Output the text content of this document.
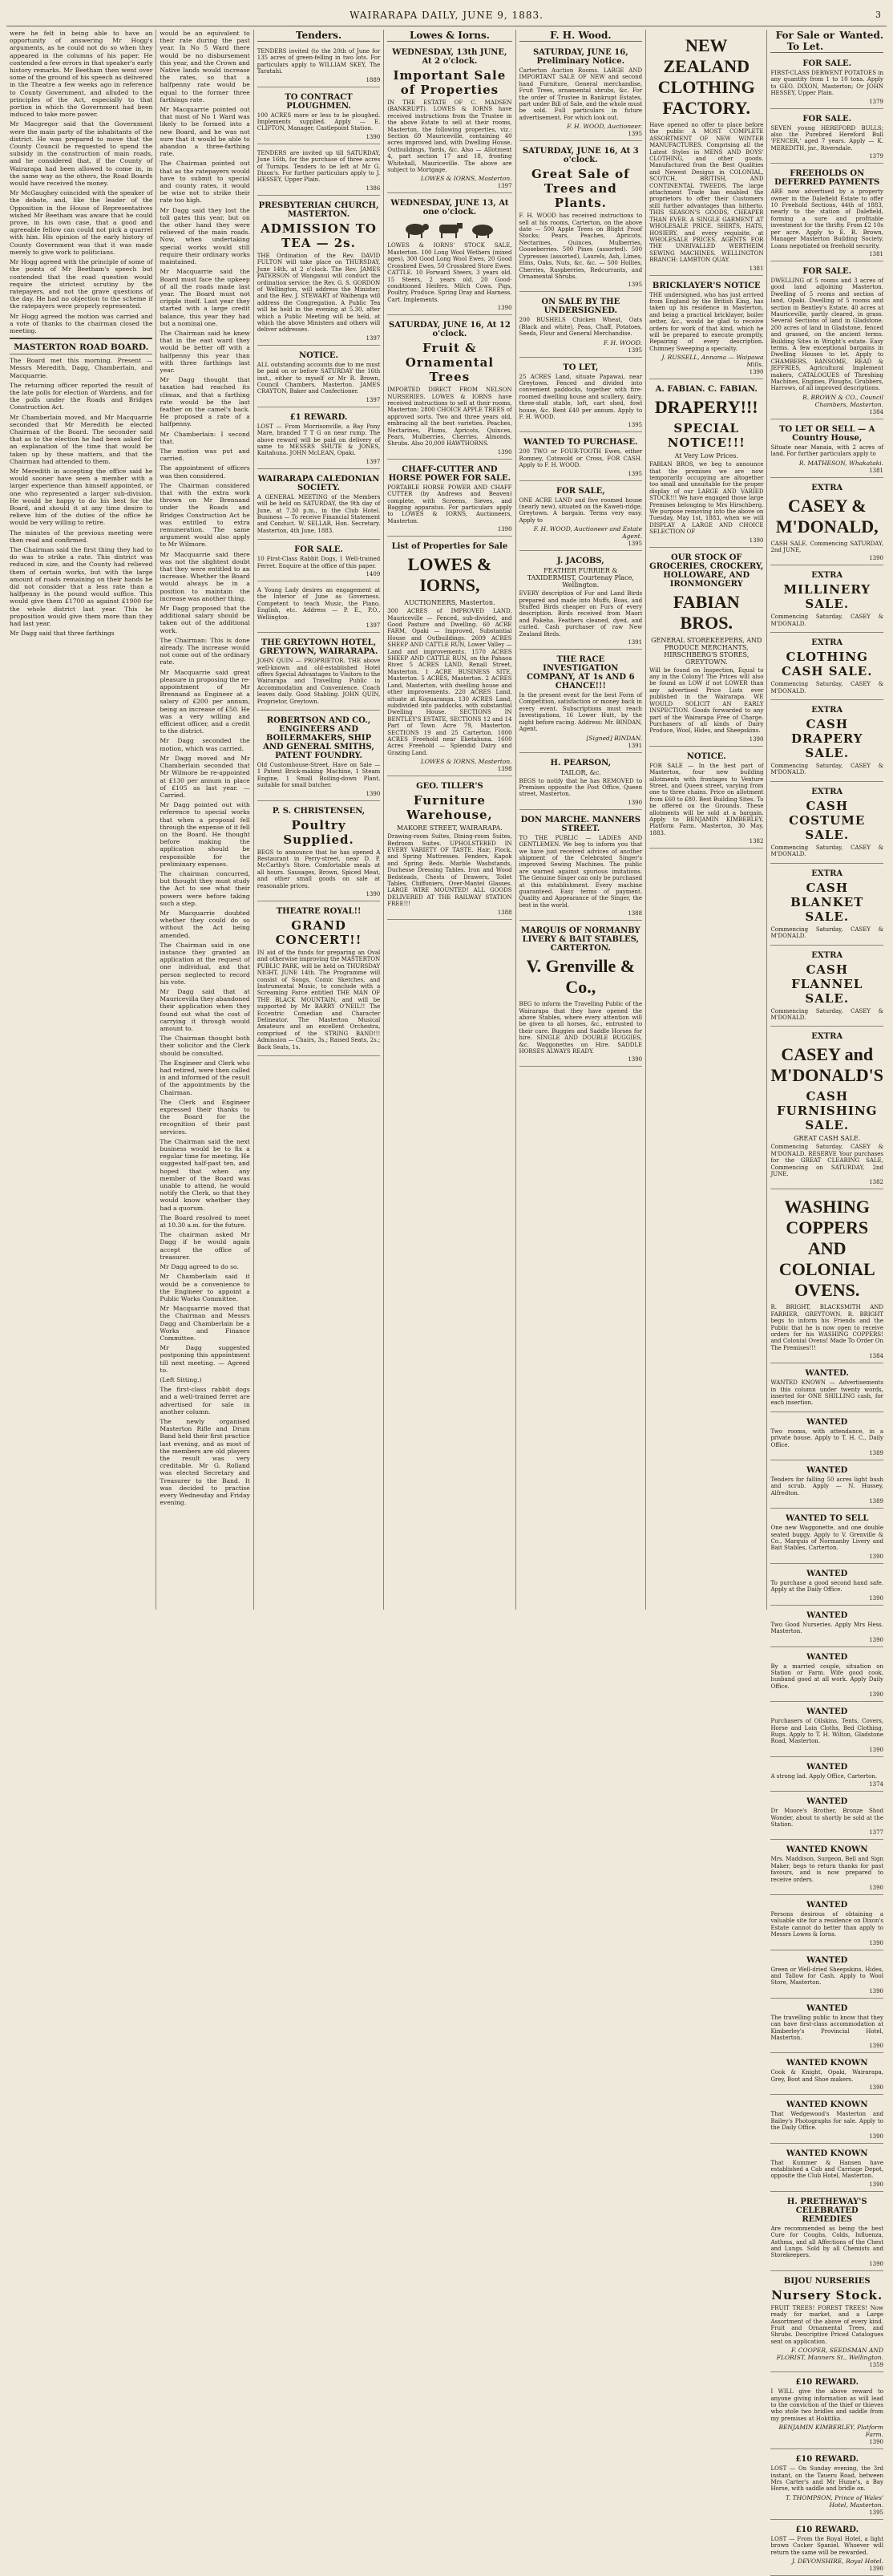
WAIRARAPA DAILY, JUNE 9, 1883.	3

were he felt in being able to have an opportunity of answering Mr Hogg's arguments, as he could not do so when they appeared in the columns of his paper. He contended a few errors in that speaker's early history remarks. Mr Beetham then went over some of the ground of his speech as delivered in the Theatre a few weeks ago in reference to County Government, and alluded to the principles of the Act, especially to that portion in which the Government had been induced to take more power.

Mr Macgregor said that the Government were the main party of the inhabitants of the district. He was prepared to move that the County Council be requested to spend the subsidy in the construction of main roads, and he considered that, if the County of Wairarapa had been allowed to come in, in the same way as the others, the Road Boards would have received the money.

Mr McGaughey coincided with the speaker of the debate, and, like the leader of the Opposition in the House of Representatives wished Mr Beetham was aware that he could prove, in his own case, that a good and agreeable fellow can could not pick a quarrel with him. His opinion of the early history of County Government was that it was made merely to give work to politicians.

Mr Hogg agreed with the principle of some of the points of Mr Beetham's speech but contended that the road question would require the strictest scrutiny by the ratepayers, and not the grave questions of the day. He had no objection to the scheme if the ratepayers were properly represented.

Mr Hogg agreed the motion was carried and a vote of thanks to the chairman closed the meeting.

MASTERTON ROAD BOARD.

The Board met this morning. Present — Messrs Meredith, Dagg, Chamberlain, and Macquarrie.

The returning officer reported the result of the late polls for election of Wardens, and for the polls under the Roads and Bridges Construction Act.

Mr Chamberlain moved, and Mr Macquarrie seconded that Mr Meredith be elected Chairman of the Board. The seconder said that as to the election he had been asked for an explanation of the time that would be taken up by these matters, and that the Chairman had attended to them.

Mr Meredith in accepting the office said he would sooner have seen a member with a larger experience than himself appointed, or one who represented a larger sub-division. He would be happy to do his best for the Board, and should it at any time desire to relieve him of the duties of the office he would be very willing to retire.

The minutes of the previous meeting were then read and confirmed.

The Chairman said the first thing they had to do was to strike a rate. This district was reduced in size, and the County had relieved them of certain works, but with the large amount of roads remaining on their hands he did not consider that a less rate than a halfpenny in the pound would suffice. This would give them £1700 as against £1900 for the whole district last year. This he proposition would give them more than they had last year.

Mr Dagg said that three farthings

would be an equivalent to their rate during the past year. In No 5 Ward there would be no disbursement this year, and the Crown and Native lands would increase the rates, so that a halfpenny rate would be equal to the former three farthings rate.

Mr Macquarrie pointed out that most of No 1 Ward was likely to be formed into a new Board, and he was not sure that it would be able to abandon a three-farthing rate.

The Chairman pointed out that as the ratepayers would have to submit to special and county rates, it would be wise not to strike their rate too high.

Mr Dagg said they lost the toll gates this year, but on the other hand they were relieved of the main roads. Now, when undertaking special works would still require their ordinary works maintained.

Mr Macquarrie said the Board must face the upkeep of all the roads made last year. The Board must not cripple itself. Last year they started with a large credit balance, this year they had but a nominal one.

The Chairman said he knew that in the east ward they would be better off with a halfpenny this year than with three farthings last year.

Mr Dagg thought that taxation had reached its climax, and that a farthing rate would be the last feather on the camel's back. He proposed a rate of a halfpenny.

Mr Chamberlain: I second that.

The motion was put and carried.

The appointment of officers was then considered.

The Chairman considered that with the extra work thrown on Mr Brennand under the Roads and Bridges Construction Act he was entitled to extra remuneration. The same argument would also apply to Mr Wilmore.

Mr Macquarrie said there was not the slightest doubt that they were entitled to an increase. Whether the Board would always be in a position to maintain the increase was another thing.

Mr Dagg proposed that the additional salary should be taken out of the additional work.

The Chairman: This is done already. The increase would not come out of the ordinary rate.

Mr Macquarrie said great pleasure in proposing the re-appointment of Mr Brennand as Engineer at a salary of £200 per annum, being an increase of £50. He was a very willing and efficient officer, and a credit to the district.

Mr Dagg seconded the motion, which was carried.

Mr Dagg moved and Mr Chamberlain seconded that Mr Wilmore be re-appointed at £130 per annum in place of £105 as last year. — Carried.

Mr Dagg pointed out with reference to special works that when a proposal fell through the expense of it fell on the Board. He thought before making the application should be responsible for the preliminary expenses.

The chairman concurred, but thought they must study the Act to see what their powers were before taking such a step.

Mr Macquarrie doubted whether they could do so without the Act being amended.

The Chairman said in one instance they granted an application at the request of one individual, and that person neglected to record his vote.

Mr Dagg said that at Mauricevilla they abandoned their application when they found out what the cost of carrying it through would amount to.

The Chairman thought both their solicitor and the Clerk should be consulted.

The Engineer and Clerk who had retired, were then called in and informed of the result of the appointments by the Chairman.

The Clerk and Engineer expressed their thanks to the Board for the recognition of their past services.

The Chairman said the next business would be to fix a regular time for meeting. He suggested half-past ten, and hoped that when any member of the Board was unable to attend, he would notify the Clerk, so that they would know whether they had a quorum.

The Board resolved to meet at 10.30 a.m. for the future.

The chairman asked Mr Dagg if he would again accept the office of treasurer.

Mr Dagg agreed to do so.

Mr Chamberlain said it would be a convenience to the Engineer to appoint a Public Works Committee.

Mr Macquarrie moved that the Chairman and Messrs Dagg and Chamberlain be a Works and Finance Committee.

Mr Dagg suggested postponing this appointment till next meeting. — Agreed to.

(Left Sitting.)

The first-class rabbit dogs and a well-trained ferret are advertised for sale in another column.

The newly organised Masterton Rifle and Drum Band held their first practice last evening, and as most of the members are old players the result was very creditable. Mr G. Rolland was elected Secretary and Treasurer to the Band. It was decided to practise every Wednesday and Friday evening.

Tenders.
TENDERS invited (to the 20th of June for 135 acres of green-felling in two lots. For particulars apply to WILLIAM SKEY, The Taratahi.
1889
TO CONTRACT PLOUGHMEN.
100 ACRES more or less to be ploughed. Implements supplied. Apply — E. CLIFTON, Manager, Castlepoint Station.
1390
TENDERS are invited up till SATURDAY, June 16th, for the purchase of three acres of Turnips. Tenders to be left at Mr G. Dixon's. For further particulars apply to J. HESSEY, Upper Plain.
1386
PRESBYTERIAN CHURCH, MASTERTON.
ADMISSION TO TEA — 2s.
THE Ordination of the Rev. DAVID FULTON will take place on THURSDAY, June 14th, at 2 o'clock. The Rev. JAMES PATERSON of Wanganui will conduct the ordination service; the Rev. G. S. GORDON of Wellington, will address the Minister; and the Rev. J. STEWART of Waihenga will address the Congregation. A Public Tea will be held in the evening at 5.30, after which a Public Meeting will be held, at which the above Ministers and others will deliver addresses.
1397
NOTICE.
ALL outstanding accounts due to me must be paid on or before SATURDAY the 16th inst., either to myself or Mr R. Brown, Council Chambers, Masterton. JAMES CRAYTON, Baker and Confectioner.
1397
£1 REWARD.
LOST — From Morrisonville, a Bay Pony Mare, branded T T G on near rump. The above reward will be paid on delivery of same to MESSRS SHUTE & JONES, Kaitahuna. JOHN McLEAN, Opaki.
1397
WAIRARAPA CALEDONIAN SOCIETY.
A GENERAL MEETING of the Members will be held on SATURDAY, the 9th day of June, at 7.30 p.m., in the Club Hotel. Business — To receive Financial Statement and Conduct. W. SELLAR, Hon. Secretary. Masterton, 4th June, 1883.
FOR SALE.
10 First-Class Rabbit Dogs, 1 Well-trained Ferret. Enquire at the office of this paper.
1409
A Young Lady desires an engagement at the Interior of June as Governess. Competent to teach Music, the Piano, English, etc. Address — P. E., P.O., Wellington.
1397
THE GREYTOWN HOTEL, GREYTOWN, WAIRARAPA.
JOHN QUIN — PROPRIETOR. THE above well-known and old-established Hotel offers Special Advantages to Visitors to the Wairarapa and Travelling Public in Accommodation and Convenience. Coach leaves daily. Good Stabling. JOHN QUIN, Proprietor, Greytown.
ROBERTSON AND CO., ENGINEERS AND BOILERMAKERS, SHIP AND GENERAL SMITHS, PATENT FOUNDRY.
Old Customhouse-Street, Have on Sale — 1 Patent Brick-making Machine, 1 Steam Engine, 1 Small Boiling-down Plant, suitable for small butcher.
1390
P. S. CHRISTENSEN,
Poultry Supplied.
BEGS to announce that he has opened A Restaurant in Perry-street, near D. P. McCarthy's Store. Comfortable meals at all hours. Sausages, Brown, Spiced Meat, and other small goods on sale at reasonable prices.
1390
THEATRE ROYAL!!
GRAND CONCERT!!
IN aid of the funds for preparing an Oval and otherwise improving the MASTERTON PUBLIC PARK, will be held on THURSDAY NIGHT, JUNE 14th. The Programme will consist of Songs, Comic Sketches, and Instrumental Music, to conclude with a Screaming Farce entitled THE MAN OF THE BLACK MOUNTAIN, and will be supported by Mr BARRY O'NEIL!! The Eccentric Comedian and Character Delineator. The Masterton Musical Amateurs and an excellent Orchestra, comprised of the STRING BAND!!! Admission — Chairs, 3s.; Raised Seats, 2s.; Back Seats, 1s.
Lowes & Iorns.
WEDNESDAY, 13th JUNE, At 2 o'clock.
Important Sale of Properties
IN THE ESTATE OF C. MADSEN (BANKRUPT). LOWES & IORNS have received instructions from the Trustee in the above Estate to sell at their rooms, Masterton, the following properties, viz.: Section 69 Mauriceville, containing 40 acres improved land, with Dwelling House, Outbuildings, Yards, &c. Also — Allotment 4, part section 17 and 18, fronting Whitehall, Mauriceville. The above are subject to Mortgage.
LOWES & IORNS, Masterton.
1397
WEDNESDAY, JUNE 13, At one o'clock.
LOWES & IORNS' STOCK SALE, Masterton. 100 Long Wool Wethers (mixed ages), 300 Good Long Wool Ewes, 20 Good Crossbred Ewes, 50 Crossbred Store Ewes. CATTLE. 10 Forward Steers, 3 years old. 15 Steers, 2 years old. 20 Good-conditioned Heifers. Milch Cows. Pigs, Poultry, Produce. Spring Dray and Harness. Cart. Implements.
1390
SATURDAY, JUNE 16, At 12 o'clock.
Fruit & Ornamental Trees
IMPORTED DIRECT FROM NELSON NURSERIES. LOWES & IORNS have received instructions to sell at their rooms, Masterton: 2800 CHOICE APPLE TREES of approved sorts. Two and three years old, embracing all the best varieties. Peaches, Nectarines, Plums, Apricots, Quinces, Pears, Mulberries, Cherries, Almonds, Shrubs. Also 20,000 HAWTHORNS.
1390
CHAFF-CUTTER AND HORSE POWER FOR SALE.
PORTABLE HORSE POWER AND CHAFF CUTTER (by Andrews and Beaven) complete, with Screens, Sieves, and Bagging apparatus. For particulars apply to LOWES & IORNS, Auctioneers, Masterton.
1390
List of Properties for Sale
LOWES & IORNS,
AUCTIONEERS, Masterton.
300 ACRES of IMPROVED LAND, Mauriceville — Fenced, sub-divided, and Good Pasture and Dwelling. 60 ACRE FARM, Opaki — Improved, Substantial House and Outbuildings. 2609 ACRES SHEEP AND CATTLE RUN, Lower Valley — Land and improvements. 1570 ACRES SHEEP AND CATTLE RUN, on the Pahaoa River. 5 ACRES LAND, Renall Street, Masterton. 1 ACRE BUSINESS SITE, Masterton. 5 ACRES, Masterton. 2 ACRES Land, Masterton, with dwelling house and other improvements. 220 ACRES Land, situate at Kopuaranga. 130 ACRES Land, subdivided into paddocks, with substantial Dwelling House. SECTIONS IN BENTLEY'S ESTATE, SECTIONS 12 and 14 Part of Town Acre 79, Masterton. SECTIONS 19 and 25 Carterton. 1000 ACRES Freehold near Eketahuna. 1600 Acres Freehold — Splendid Dairy and Grazing Land.
LOWES & IORNS, Masterton.
1398
GEO. TILLER'S
Furniture Warehouse,
MAKORE STREET, WAIRARAPA.
Drawing-room Suites, Dining-room Suites, Bedroom Suites. UPHOLSTERED IN EVERY VARIETY OF TASTE. Hair, Flock, and Spring Mattresses. Fenders, Kapok and Spring Beds. Marble Washstands, Duchesse Dressing Tables. Iron and Wood Bedsteads, Chests of Drawers, Toilet Tables, Chiffoniers, Over-Mantel Glasses. LARGE WIRE MOUNTED! ALL GOODS DELIVERED AT THE RAILWAY STATION FREE!!!
1388
F. H. Wood.
SATURDAY, JUNE 16, Preliminary Notice.
Carterton Auction Rooms. LARGE AND IMPORTANT SALE OF NEW and second hand Furniture, General merchandise, Fruit Trees, ornamental shrubs, &c. For the order of Trustee in Bankrupt Estates, part under Bill of Sale, and the whole must be sold. Full particulars in future advertisement. For which look out.
F. H. WOOD, Auctioneer.
1395
SATURDAY, JUNE 16, At 3 o'clock.
Great Sale of Trees and Plants.
F. H. WOOD has received instructions to sell at his rooms, Carterton, on the above date — 500 Apple Trees on Blight Proof Stocks; Pears, Peaches, Apricots, Nectarines, Quinces, Mulberries, Gooseberries. 500 Pines (assorted). 500 Cypresses (assorted), Laurels, Ash, Limes, Elms, Oaks, Nuts, &c. &c. — 500 Hollies, Cherries, Raspberries, Redcurrants, and Ornamental Shrubs.
1395
ON SALE BY THE UNDERSIGNED.
200 BUSHELS Chicken Wheat, Oats (Black and white), Peas, Chaff, Potatoes, Seeds, Flour and General Merchandise.
F. H. WOOD.
1395
TO LET,
25 ACRES Land, situate Papawai, near Greytown. Fenced and divided into convenient paddocks, together with fire-roomed dwelling house and scullery, dairy, three-stall stable, loft, cart shed, fowl house, &c. Rent £40 per annum. Apply to F. H. WOOD.
1395
WANTED TO PURCHASE.
200 TWO or FOUR-TOOTH Ewes, either Romney, Cotswold or Cross, FOR CASH. Apply to F. H. WOOD.
1395
FOR SALE,
ONE ACRE LAND and five roomed house (nearly new), situated on the Kaweti-ridge, Greytown. A bargain. Terms very easy. Apply to
F. H. WOOD, Auctioneer and Estate Agent.
1395
J. JACOBS,
FEATHER FURRIER & TAXIDERMIST, Courtenay Place, Wellington.
EVERY description of Fur and Land Birds prepared and made into Muffs, Boas, and Stuffed Birds cheaper on Furs of every description. Birds received from Maori and Pakeha. Feathers cleaned, dyed, and curled. Cash purchaser of raw New Zealand Birds.
1391
THE RACE INVESTIGATION COMPANY, AT 1s AND 6 CHANCE!!!
In the present event for the best Form of Competition, satisfaction or money back in every event. Subscriptions must reach Investigations, 16 Lower Hutt, by the night before racing. Address: Mr. BINDAN, Agent.
[Signed] BINDAN.
1391
H. PEARSON,
TAILOR, &c.
BEGS to notify that he has REMOVED to Premises opposite the Post Office, Queen street, Masterton.
1390
DON MARCHE. MANNERS STREET.
TO THE PUBLIC — LADIES AND GENTLEMEN. We beg to inform you that we have just received advices of another shipment of the Celebrated Singer's improved Sewing Machines. The public are warned against spurious imitations. The Genuine Singer can only be purchased at this establishment. Every machine guaranteed. Easy terms of payment. Quality and Appearance of the Singer, the best in the world.
1388
MARQUIS OF NORMANBY LIVERY & BAIT STABLES, CARTERTON.
V. Grenville & Co.,
BEG to inform the Travelling Public of the Wairarapa that they have opened the above Stables, where every attention will be given to all horses, &c., entrusted to their care. Buggies and Saddle Horses for hire. SINGLE AND DOUBLE BUGGIES, &c. Waggonettes on Hire. SADDLE HORSES ALWAYS READY.
1390
NEW ZEALAND CLOTHING FACTORY.
Have opened no offer to place before the public A MOST COMPLETE ASSORTMENT OF NEW WINTER MANUFACTURES. Comprising all the Latest Styles in MENS AND BOYS' CLOTHING, and other goods. Manufactured from the Best Qualities and Newest Designs in COLONIAL, SCOTCH, BRITISH, AND CONTINENTAL TWEEDS. The large attachment Trade has enabled the proprietors to offer their Customers still further advantages than hitherto. THIS SEASON'S GOODS, CHEAPER THAN EVER. A SINGLE GARMENT AT WHOLESALE PRICE. SHIRTS, HATS, HOSIERY, and every requisite, at WHOLESALE PRICES. AGENTS FOR THE UNRIVALLED WERTHEIM SEWING MACHINES. WELLINGTON BRANCH: LAMBTON QUAY.
1381
BRICKLAYER'S NOTICE
THE undersigned, who has just arrived from England by the British King, has taken up his residence in Masterton, and being a practical bricklayer, boiler setter, &c., would be glad to receive orders for work of that kind, which he will be prepared to execute promptly. Repairing of every description. Chimney Sweeping a specialty.
J. RUSSELL, Annama — Waipawa Mills.
1390
A. FABIAN. C. FABIAN.
DRAPERY!!!
SPECIAL NOTICE!!!
At Very Low Prices.
FABIAN BROS, we beg to announce that the premises we are now temporarily occupying are altogether too small and unsuitable for the proper display of our LARGE AND VARIED STOCK!!! We have engaged those large Premises belonging to Mrs Hirschberg. We purpose removing into the above on Tuesday, May 1st, 1883, when we will DISPLAY A LARGE AND CHOICE SELECTION OF
1390
OUR STOCK OF GROCERIES, CROCKERY, HOLLOWARE, AND IRONMONGERY
FABIAN BROS.
GENERAL STOREKEEPERS, AND PRODUCE MERCHANTS, HIRSCHBERG'S STORES, GREYTOWN.
Will be found on Inspection, Equal to any in the Colony! The Prices will also be found as LOW if not LOWER than any advertised Price Lists ever published in the Wairarapa. WE WOULD SOLICIT AN EARLY INSPECTION. Goods forwarded to any part of the Wairarapa Free of Charge. Purchasers of all kinds of Dairy Produce, Wool, Hides, and Sheepskins.
1390
NOTICE.
FOR SALE — In the best part of Masterton, four new building allotments with frontages to Venture Street, and Queen street, varying from one to three chains. Price on allotment from £60 to £80. Best Building Sites. To be offered on the Grounds. These allotments will be sold at a bargain. Apply to BENJAMIN KIMBERLEY, Platform Farm. Masterton, 30 May, 1883.
1382
For Sale or To Let.
Wanted.
FOR SALE.
FIRST-CLASS DERWENT POTATOES in any quantity from 1 to 10 tons. Apply to GEO. DIXON, Masterton; Or JOHN HESSEY, Upper Plain.
1379
FOR SALE.
SEVEN young HEREFORD BULLS; also the Purebred Hereford Bull 'FENCER,' aged 7 years. Apply — K. MEREDITH, jnr., Riversdale.
1379
FREEHOLDS ON DEFERRED PAYMENTS
ARE now advertised by a property owner in the Dalefield Estate to offer 10 Freehold Sections, 44th of 1883, nearly to the station of Dalefield, forming a sure and profitable investment for the thrifty. From £2 10s per acre. Apply to E. R. Brown, Manager Masterton Building Society. Loans negotiated on freehold security.
1381
FOR SALE.
DWELLING of 5 rooms and 3 acres of good land adjoining Masterton. Dwelling of 5 rooms and section of land, Opaki. Dwelling of 5 rooms and section in Bentley's Estate. 40 acres at Mauriceville, partly cleared, in grass. Several Sections of land in Gladstone. 200 acres of land in Gladstone, fenced and grassed, on the ancient terms. Building Sites in Wright's estate. Easy terms. A few exceptional bargains in Dwelling Houses to let. Apply to CHAMBERS, RANSOME, READ & JEFFRIES, Agricultural Implement makers, CATALOGUES of Threshing Machines, Engines, Ploughs, Grubbers, Harrows, of all improved descriptions.
R. BROWN & CO., Council Chambers, Masterton.
1384
TO LET OR SELL — A Country House,
Situate near Manaia, with 2 acres of land. For further particulars apply to
R. MATHESON, Whakataki.
1381
EXTRA
CASEY & M'DONALD,
CASH SALE. Commencing SATURDAY, 2nd JUNE,
1390
EXTRA
MILLINERY SALE.
Commencing Saturday, CASEY & M'DONALD.
EXTRA
CLOTHING CASH SALE.
Commencing Saturday, CASEY & M'DONALD.
EXTRA
CASH DRAPERY SALE.
Commencing Saturday, CASEY & M'DONALD.
EXTRA
CASH COSTUME SALE.
Commencing Saturday, CASEY & M'DONALD.
EXTRA
CASH BLANKET SALE.
Commencing Saturday, CASEY & M'DONALD.
EXTRA
CASH FLANNEL SALE.
Commencing Saturday, CASEY & M'DONALD.
EXTRA
CASEY and M'DONALD'S
CASH FURNISHING SALE.
GREAT CASH SALE.
Commencing Saturday, CASEY & M'DONALD. RESERVE Your purchases for the GREAT CLEARING SALE, Commencing on SATURDAY, 2nd JUNE.
1382
WASHING COPPERS AND COLONIAL OVENS.
R. BRIGHT, BLACKSMITH AND FARRIER, GREYTOWN. R. BRIGHT begs to inform his Friends and the Public that he is now open to receive orders for his WASHING COPPERS! and Colonial Ovens! Made To Order On The Premises!!!
1384
WANTED.
WANTED KNOWN — Advertisements in this column under twenty words, inserted for ONE SHILLING cash, for each insertion.
WANTED
Two rooms, with attendance, in a private house. Apply to T. H. C., Daily Office.
1389
WANTED
Tenders for falling 50 acres light bush and scrub. Apply — N. Hussey, Alfredton.
1389
WANTED TO SELL
One new Waggonette, and one double seated buggy. Apply to V. Grenville & Co., Marquis of Normanby Livery and Bait Stables, Carterton.
1390
WANTED
To purchase a good second hand safe. Apply at the Daily Office.
1390
WANTED
Two Good Nurseries. Apply Mrs Hess. Masterton.
1390
WANTED
By a married couple, situation on Station or Farm. Wife good cook, husband good at all work. Apply Daily Office.
1390
WANTED
Purchasers of Oilskins, Tents, Covers, Horse and Loin Cloths, Bed Clothing, Rugs. Apply to T. H. Wilton, Gladstone Road, Masterton.
1390
WANTED
A strong lad. Apply Office, Carterton.
1374
WANTED
Dr Moore's Brother, Bronze Shod Wonder, about to shortly be sold at the Station.
1377
WANTED KNOWN
Mrs. Maddison, Surgeon, Bell and Sign Maker, begs to return thanks for past favours, and is now prepared to receive orders.
1390
WANTED
Persons desirous of obtaining a valuable site for a residence on Dixon's Estate cannot do better than apply to Messrs Lowes & Iorns.
1390
WANTED
Green or Well-dried Sheepskins, Hides, and Tallow for Cash. Apply to Wool Store, Masterton.
1390
WANTED
The travelling public to know that they can have first-class accommodation at Kimberley's Provincial Hotel, Masterton.
1390
WANTED KNOWN
Cook & Knight, Opaki, Wairarapa, Grey, Boot and Shoe makers.
1390
WANTED KNOWN
That Wedgewood's Masterton and Bailey's Photographs for sale. Apply to the Daily Office.
1390
WANTED KNOWN
That Kummer & Hansen have established a Cab and Carriage Depot, opposite the Club Hotel, Masterton.
1390
H. PRETHEWAY'S CELEBRATED REMEDIES
Are recommended as being the best Cure for Coughs, Colds, Influenza, Asthma, and all Affections of the Chest and Lungs. Sold by all Chemists and Storekeepers.
1390
BIJOU NURSERIES
Nursery Stock.
FRUIT TREES! FOREST TREES! Now ready for market, and a Large Assortment of the above of every kind. Fruit and Ornamental Trees, and Shrubs. Descriptive Priced Catalogues sent on application.
F. COOPER, SEEDSMAN AND FLORIST, Manners St., Wellington.
1359
£10 REWARD.
I WILL give the above reward to anyone giving information as will lead to the conviction of the thief or thieves who stole two bridles and saddle from my premises at Hokitika.
BENJAMIN KIMBERLEY, Platform Farm.
1390
£10 REWARD.
LOST — On Sunday evening, the 3rd instant, on the Taueru Road, between Mrs Carter's and Mr Hume's, a Bay Horse, with saddle and bridle on.
T. THOMPSON, Prince of Wales' Hotel, Masterton.
1395
£10 REWARD.
LOST — From the Royal Hotel, a light brown Cocker Spaniel. Whoever will return the same will be rewarded.
J. DEVONSHIRE, Royal Hotel.
1390
